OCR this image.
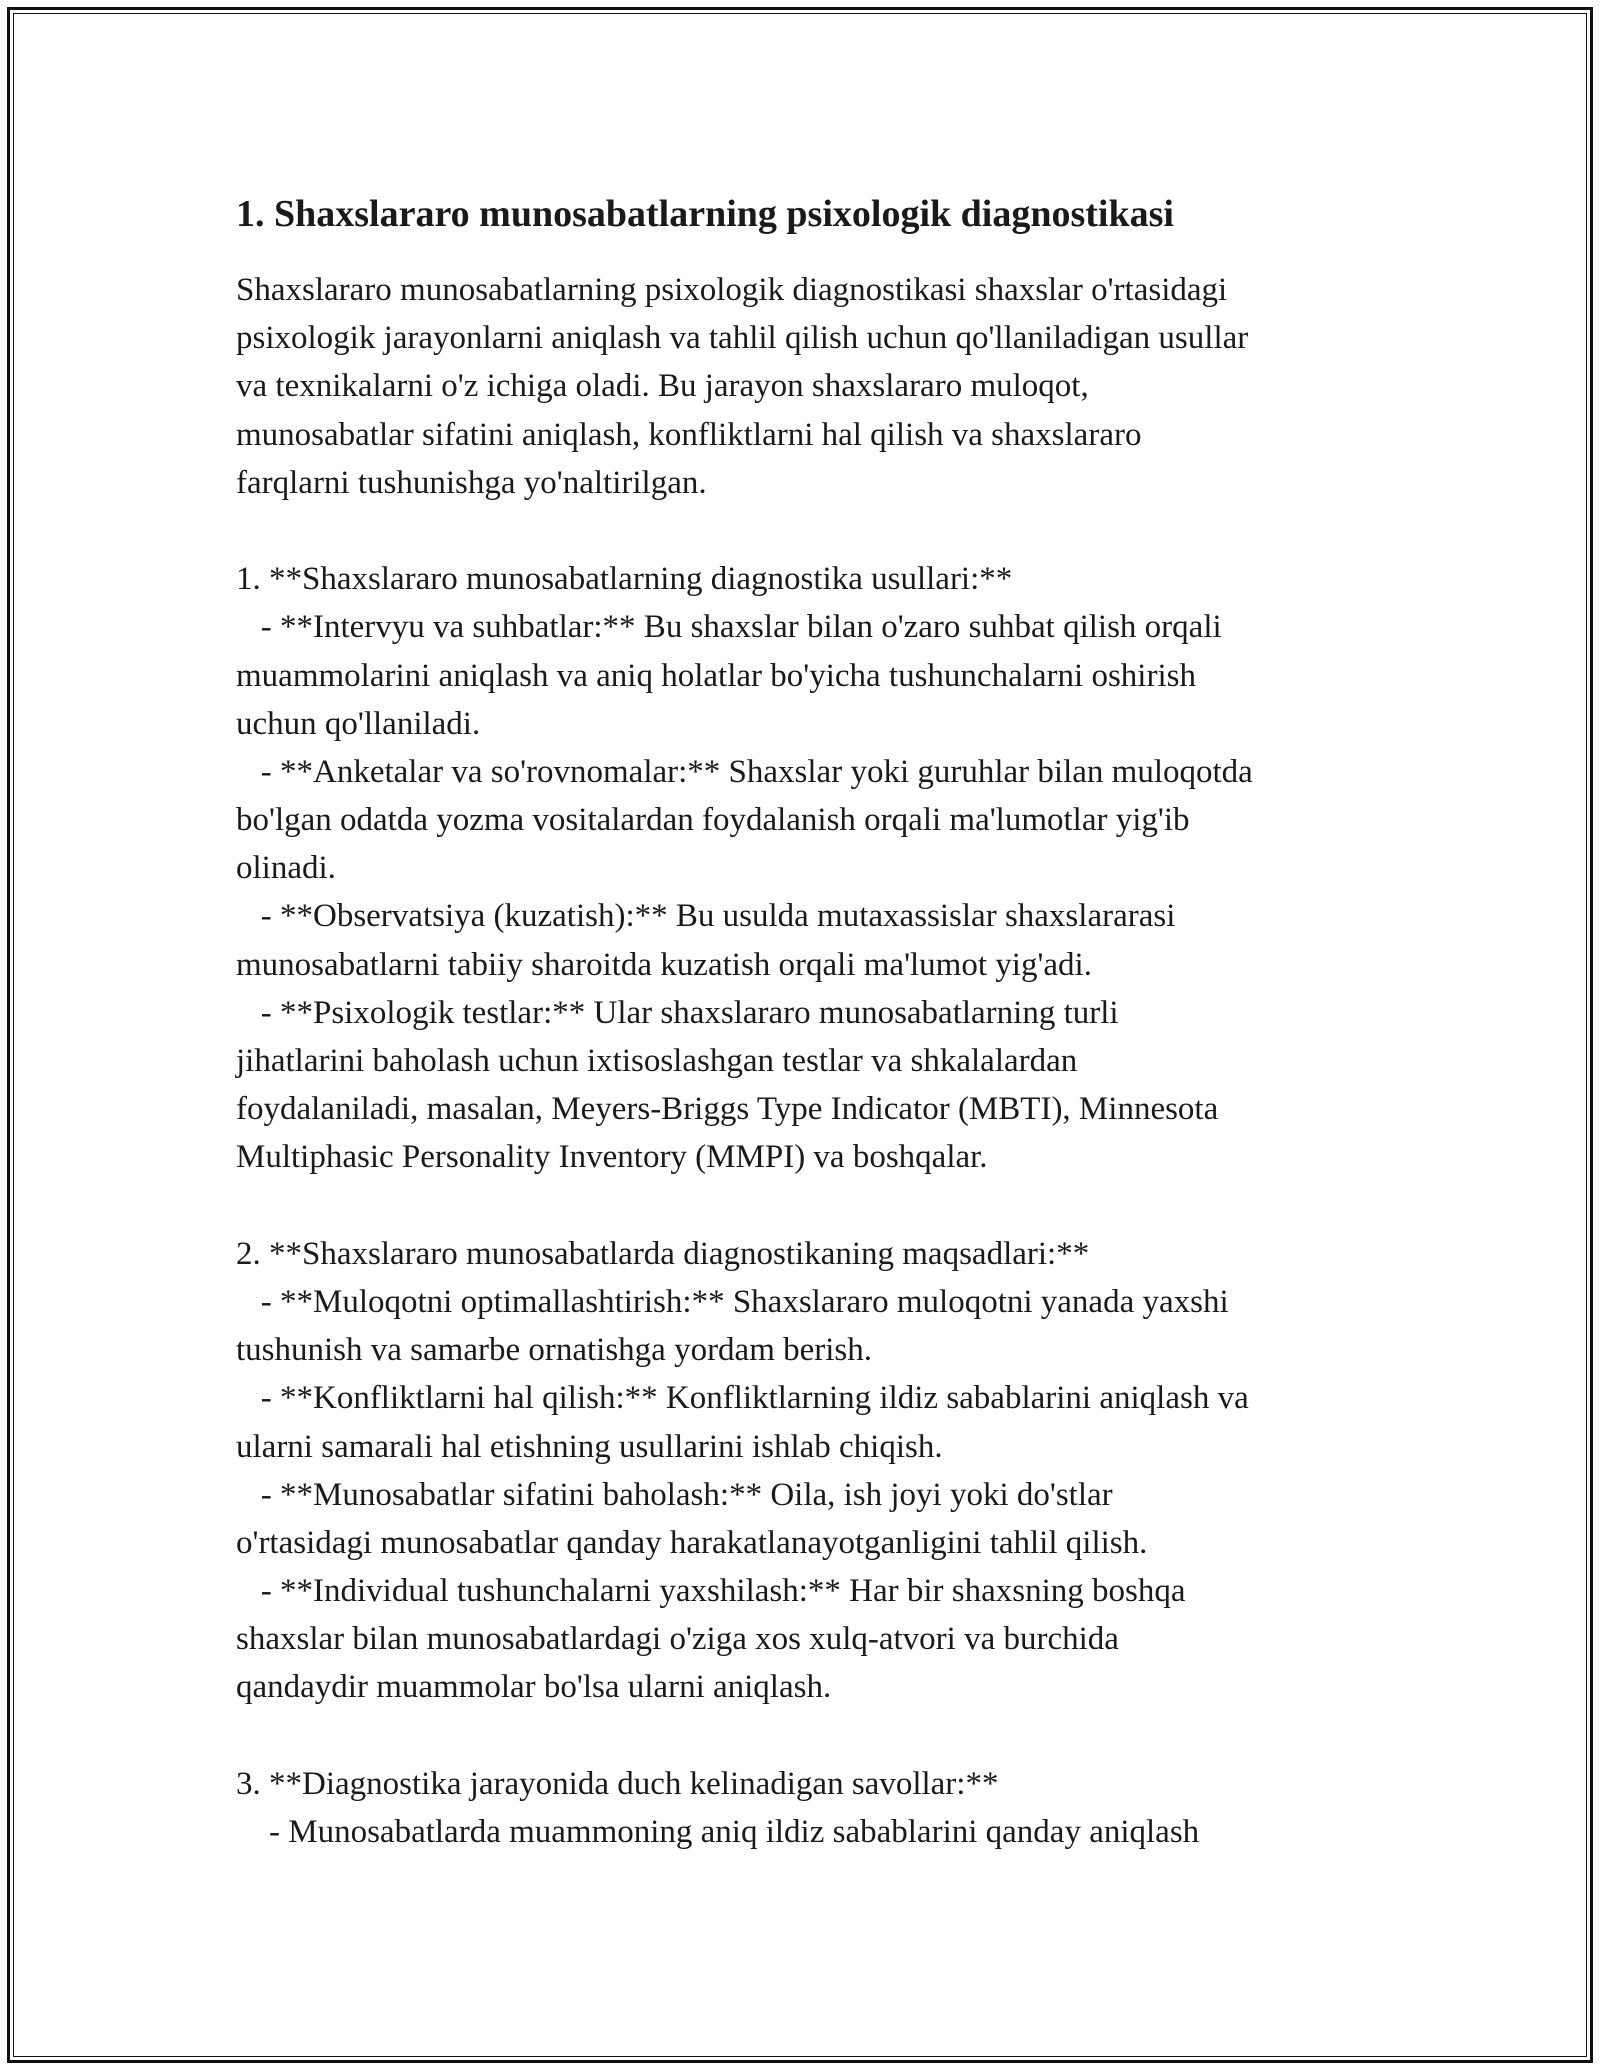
1. Shaxslararo munosabatlarning psixologik diagnostikasi
Shaxslararo munosabatlarning psixologik diagnostikasi shaxslar o'rtasidagi
psixologik jarayonlarni aniqlash va tahlil qilish uchun qo'llaniladigan usullar
va texnikalarni o'z ichiga oladi. Bu jarayon shaxslararo muloqot,
munosabatlar sifatini aniqlash, konfliktlarni hal qilish va shaxslararo
farqlarni tushunishga yo'naltirilgan.
1. **Shaxslararo munosabatlarning diagnostika usullari:**
- **Intervyu va suhbatlar:** Bu shaxslar bilan o'zaro suhbat qilish orqali
muammolarini aniqlash va aniq holatlar bo'yicha tushunchalarni oshirish
uchun qo'llaniladi.
- **Anketalar va so'rovnomalar:** Shaxslar yoki guruhlar bilan muloqotda
bo'lgan odatda yozma vositalardan foydalanish orqali ma'lumotlar yig'ib
olinadi.
- **Observatsiya (kuzatish):** Bu usulda mutaxassislar shaxslararasi
munosabatlarni tabiiy sharoitda kuzatish orqali ma'lumot yig'adi.
- **Psixologik testlar:** Ular shaxslararo munosabatlarning turli
jihatlarini baholash uchun ixtisoslashgan testlar va shkalalardan
foydalaniladi, masalan, Meyers-Briggs Type Indicator (MBTI), Minnesota
Multiphasic Personality Inventory (MMPI) va boshqalar.
2. **Shaxslararo munosabatlarda diagnostikaning maqsadlari:**
- **Muloqotni optimallashtirish:** Shaxslararo muloqotni yanada yaxshi
tushunish va samarbe ornatishga yordam berish.
- **Konfliktlarni hal qilish:** Konfliktlarning ildiz sabablarini aniqlash va
ularni samarali hal etishning usullarini ishlab chiqish.
- **Munosabatlar sifatini baholash:** Oila, ish joyi yoki do'stlar
o'rtasidagi munosabatlar qanday harakatlanayotganligini tahlil qilish.
- **Individual tushunchalarni yaxshilash:** Har bir shaxsning boshqa
shaxslar bilan munosabatlardagi o'ziga xos xulq-atvori va burchida
qandaydir muammolar bo'lsa ularni aniqlash.
3. **Diagnostika jarayonida duch kelinadigan savollar:**
- Munosabatlarda muammoning aniq ildiz sabablarini qanday aniqlash
